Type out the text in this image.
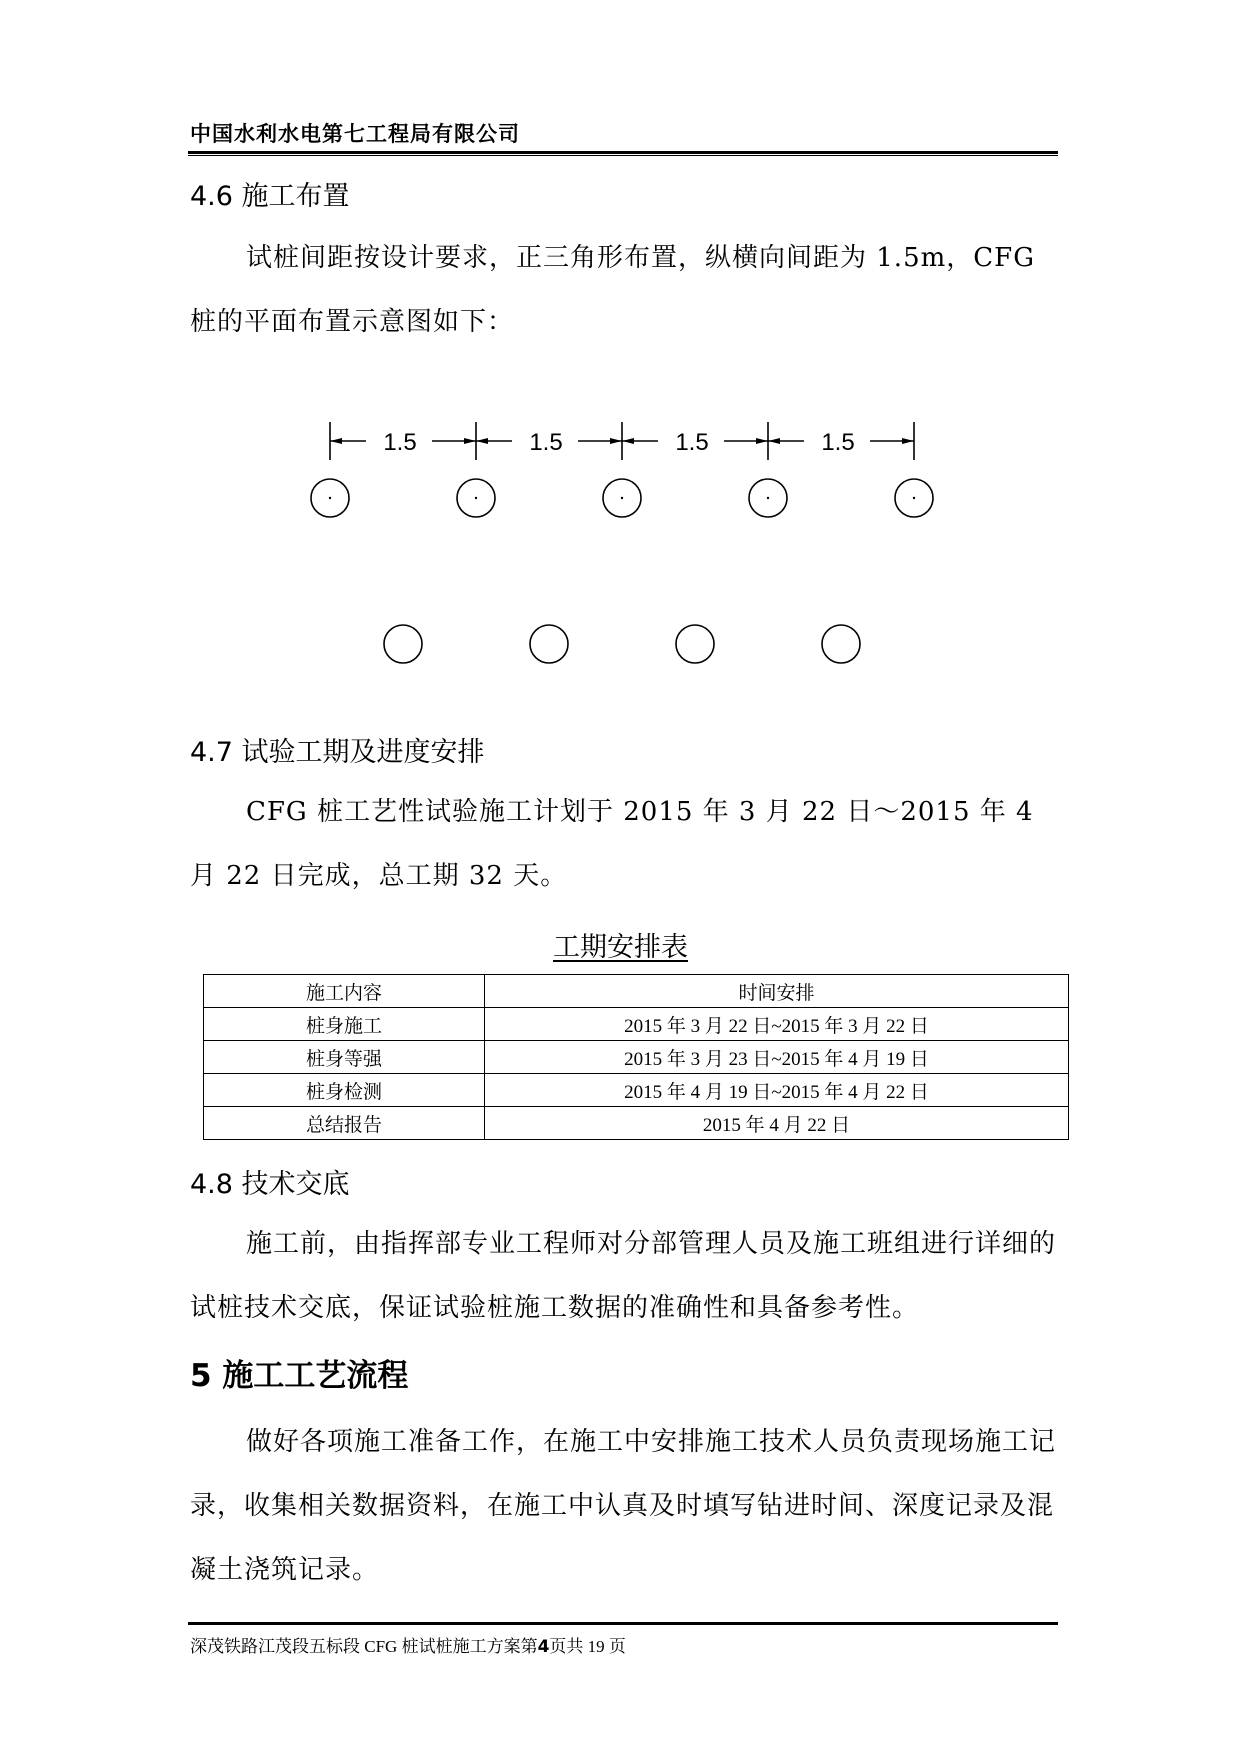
中国水利水电第七工程局有限公司
4.6 施工布置

试桩间距按设计要求，正三角形布置，纵横向间距为 1.5m，CFG 桩的平面布置示意图如下：

1.5	1.5	1.5	1.5
4.7 试验工期及进度安排

CFG 桩工艺性试验施工计划于 2015 年 3 月 22 日～2015 年 4 月 22 日完成，总工期 32 天。

工期安排表
施工内容	时间安排
桩身施工	2015 年 3 月 22 日~2015 年 3 月 22 日
桩身等强	2015 年 3 月 23 日~2015 年 4 月 19 日
桩身检测	2015 年 4 月 19 日~2015 年 4 月 22 日
总结报告	2015 年 4 月 22 日
4.8 技术交底

施工前，由指挥部专业工程师对分部管理人员及施工班组进行详细的试桩技术交底，保证试验桩施工数据的准确性和具备参考性。

5 施工工艺流程

做好各项施工准备工作，在施工中安排施工技术人员负责现场施工记录，收集相关数据资料，在施工中认真及时填写钻进时间、深度记录及混凝土浇筑记录。

深茂铁路江茂段五标段 CFG 桩试桩施工方案第4页共 19 页
